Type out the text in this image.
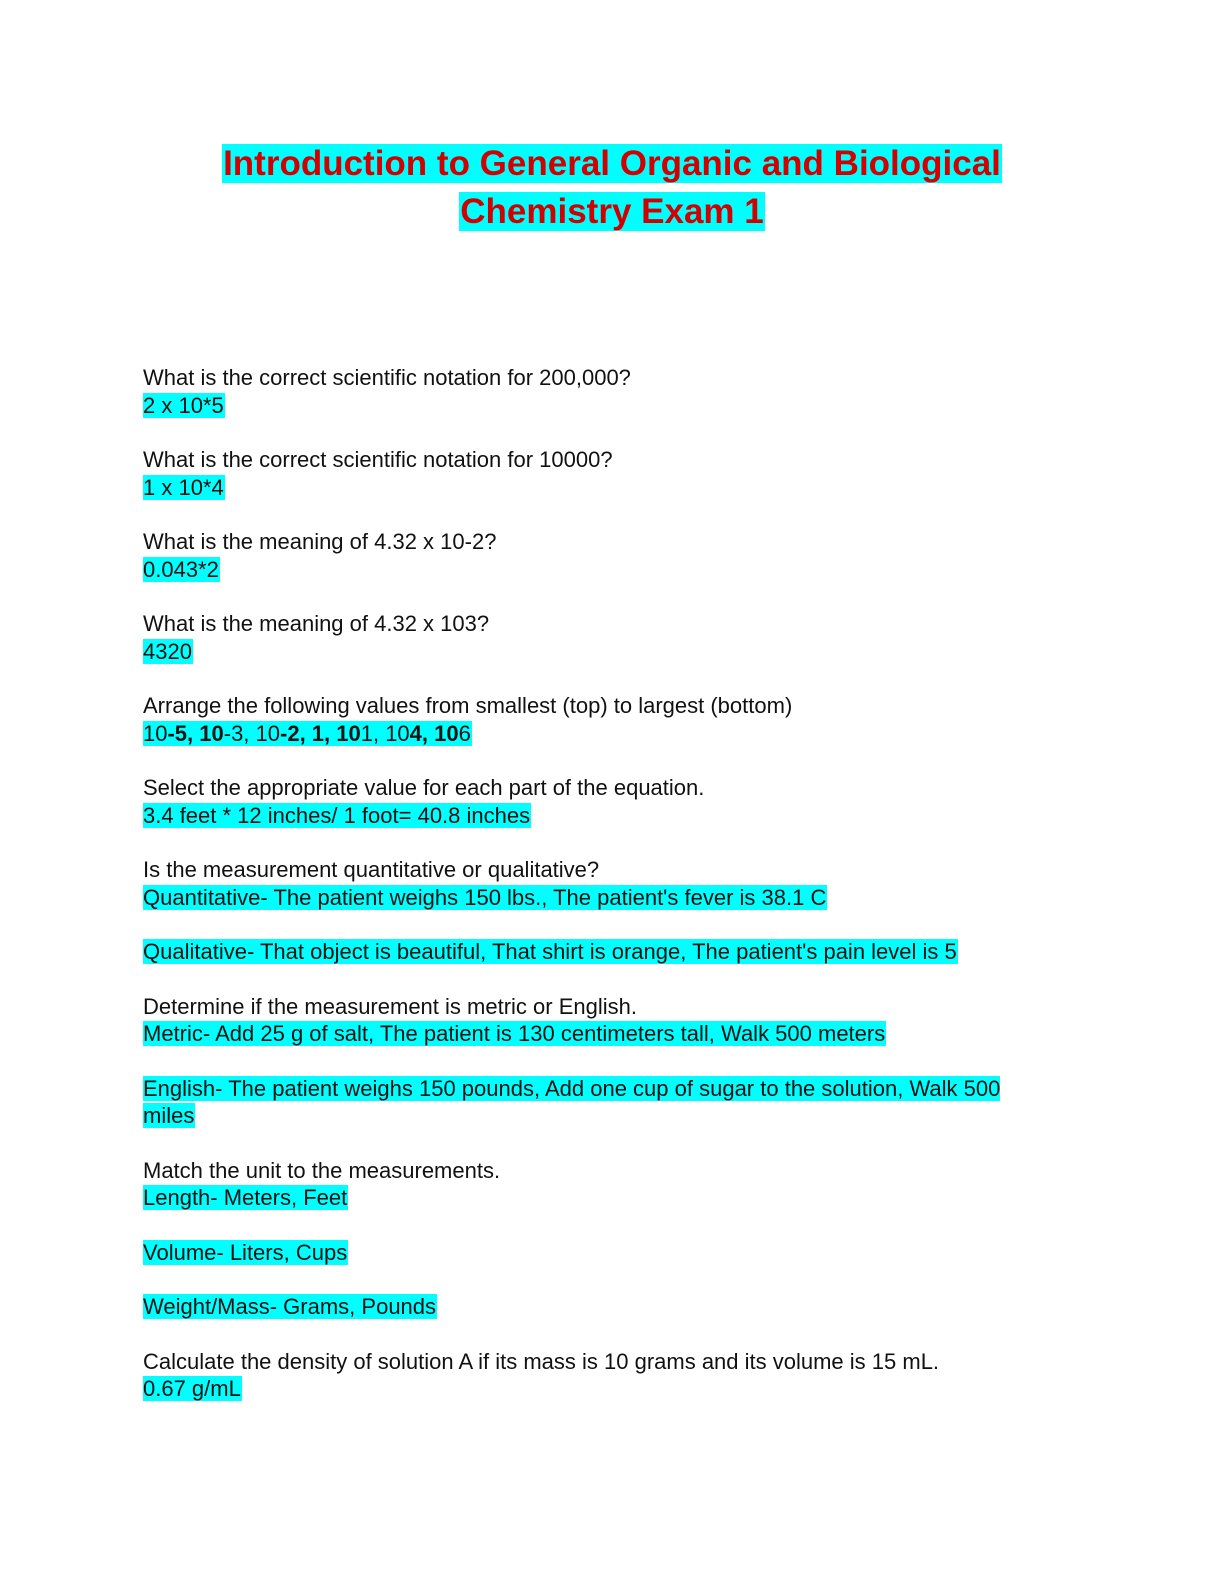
Introduction to General Organic and Biological
Chemistry Exam 1
What is the correct scientific notation for 200,000?
2 x 10*5
What is the correct scientific notation for 10000?
1 x 10*4
What is the meaning of 4.32 x 10-2?
0.043*2
What is the meaning of 4.32 x 103?
4320
Arrange the following values from smallest (top) to largest (bottom)
10-5, 10-3, 10-2, 1, 101, 104, 106
Select the appropriate value for each part of the equation.
3.4 feet * 12 inches/ 1 foot= 40.8 inches
Is the measurement quantitative or qualitative?
Quantitative- The patient weighs 150 lbs., The patient's fever is 38.1 C
Qualitative- That object is beautiful, That shirt is orange, The patient's pain level is 5
Determine if the measurement is metric or English.
Metric- Add 25 g of salt, The patient is 130 centimeters tall, Walk 500 meters
English- The patient weighs 150 pounds, Add one cup of sugar to the solution, Walk 500 miles
Match the unit to the measurements.
Length- Meters, Feet
Volume- Liters, Cups
Weight/Mass- Grams, Pounds
Calculate the density of solution A if its mass is 10 grams and its volume is 15 mL.
0.67 g/mL
